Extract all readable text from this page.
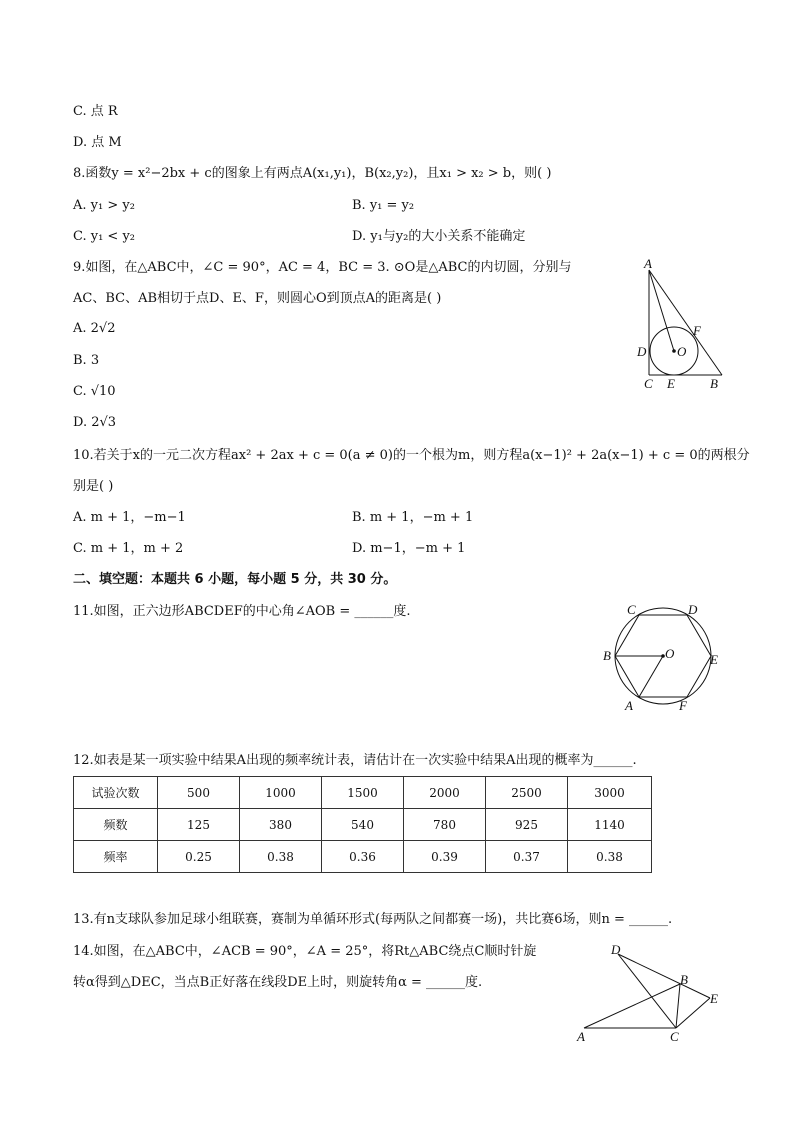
C. 点 R
D. 点 M
8.函数y = x²−2bx + c的图象上有两点A(x₁,y₁)，B(x₂,y₂)，且x₁ > x₂ > b，则( )
A. y₁ > y₂
C. y₁ < y₂
9.如图，在△ABC中，∠C = 90°，AC = 4，BC = 3. ⊙O是△ABC的内切圆，分别与
AC、BC、AB相切于点D、E、F，则圆心O到顶点A的距离是( )
A. 2√2
B. 3
C. √10
D. 2√3
10.若关于x的一元二次方程ax² + 2ax + c = 0(a ≠ 0)的一个根为m，则方程a(x−1)² + 2a(x−1) + c = 0的两根分
别是( )
A. m + 1，−m−1
C. m + 1，m + 2
二、填空题：本题共 6 小题，每小题 5 分，共 30 分。
11.如图，正六边形ABCDEF的中心角∠AOB = ______度.
12.如表是某一项实验中结果A出现的频率统计表，请估计在一次实验中结果A出现的概率为______.
13.有n支球队参加足球小组联赛，赛制为单循环形式(每两队之间都赛一场)，共比赛6场，则n = ______.
14.如图，在△ABC中，∠ACB = 90°，∠A = 25°，将Rt△ABC绕点C顺时针旋
转α得到△DEC，当点B正好落在线段DE上时，则旋转角α = ______度.
B. y₁ = y₂
D. y₁与y₂的大小关系不能确定
B. m + 1，−m + 1
D. m−1，−m + 1
试验次数	500	1000	1500	2000	2500	3000
频数	125	380	540	780	925	1140
频率	0.25	0.38	0.36	0.39	0.37	0.38
A
F
D O
C E	B
C	D
B	O	E
A	F
D
B
E
A	C
